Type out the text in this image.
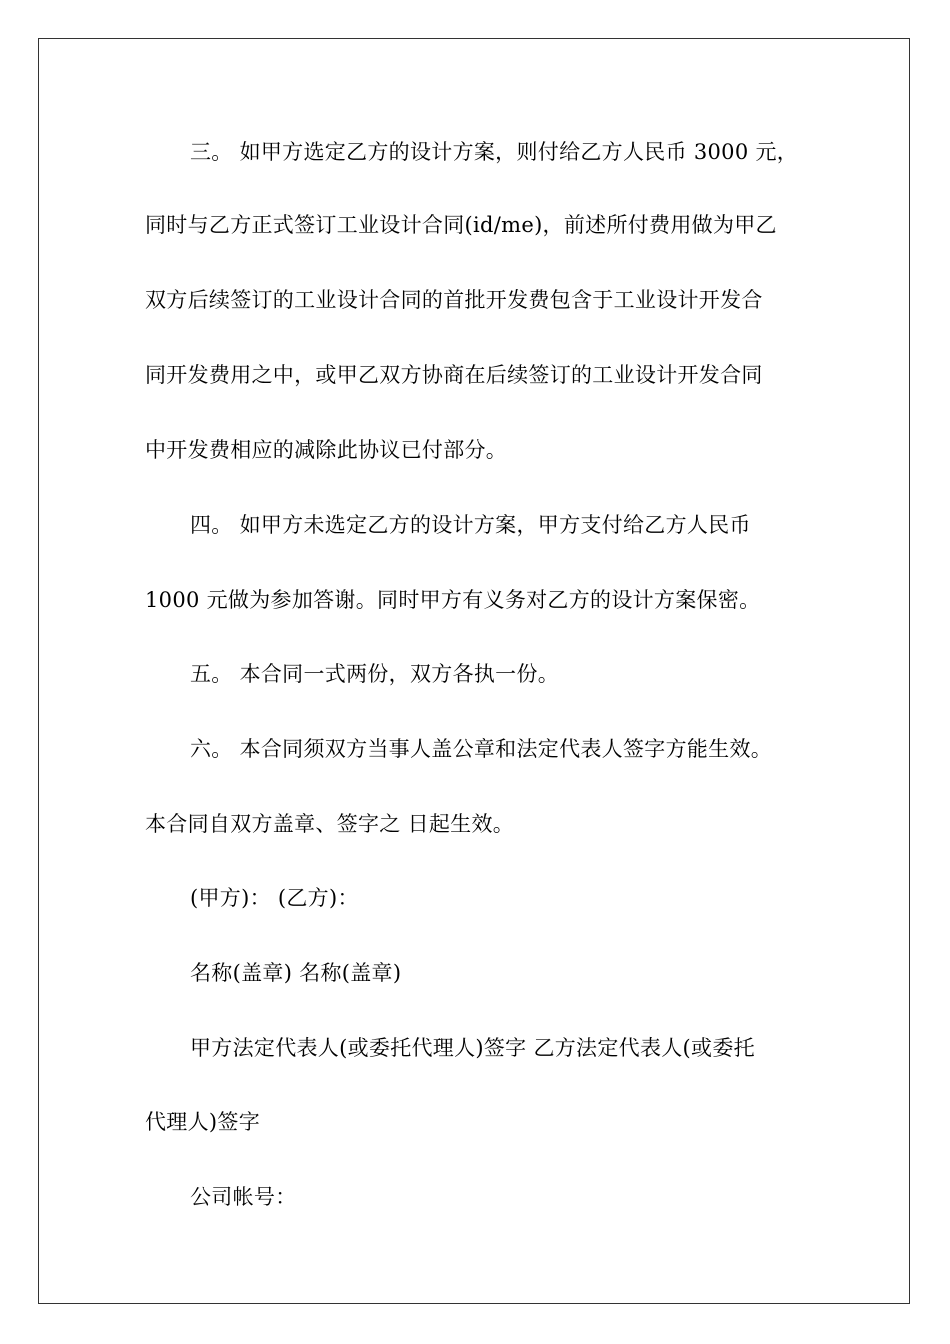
三。 如甲方选定乙方的设计方案，则付给乙方人民币 3000 元，
同时与乙方正式签订工业设计合同(id/me)，前述所付费用做为甲乙
双方后续签订的工业设计合同的首批开发费包含于工业设计开发合
同开发费用之中，或甲乙双方协商在后续签订的工业设计开发合同
中开发费相应的减除此协议已付部分。
四。 如甲方未选定乙方的设计方案，甲方支付给乙方人民币
1000 元做为参加答谢。同时甲方有义务对乙方的设计方案保密。
五。 本合同一式两份，双方各执一份。
六。 本合同须双方当事人盖公章和法定代表人签字方能生效。
本合同自双方盖章、签字之 日起生效。
(甲方)： (乙方)：
名称(盖章) 名称(盖章)
甲方法定代表人(或委托代理人)签字 乙方法定代表人(或委托
代理人)签字
公司帐号：
